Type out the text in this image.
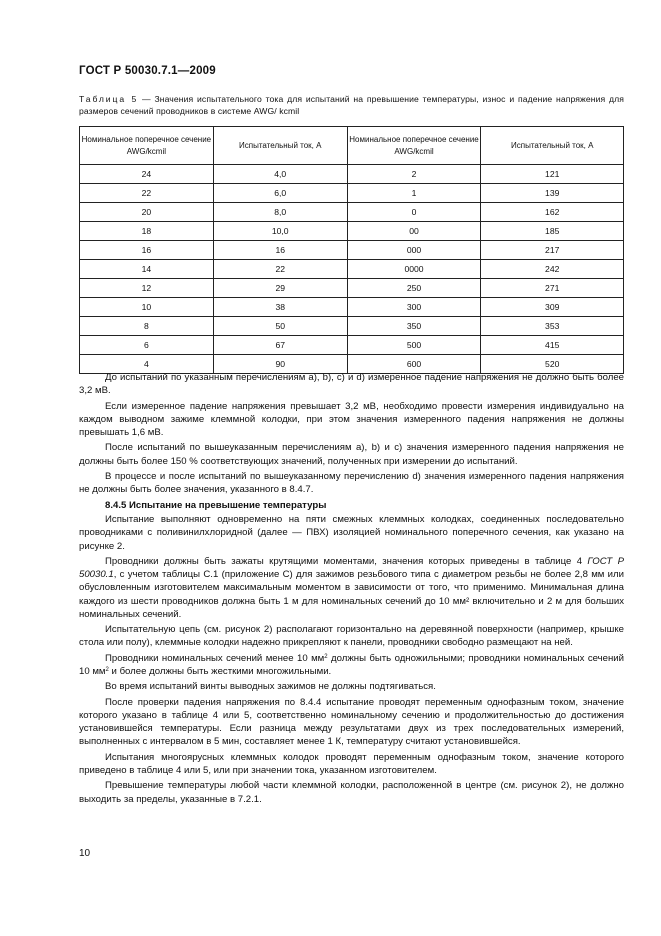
ГОСТ Р 50030.7.1—2009
Таблица 5 — Значения испытательного тока для испытаний на превышение температуры, износ и падение напряжения для размеров сечений проводников в системе AWG/ kcmil
Номинальное поперечное сечение AWG/kcmil	Испытательный ток, А	Номинальное поперечное сечение AWG/kcmil	Испытательный ток, А
24	4,0	2	121
22	6,0	1	139
20	8,0	0	162
18	10,0	00	185
16	16	000	217
14	22	0000	242
12	29	250	271
10	38	300	309
8	50	350	353
6	67	500	415
4	90	600	520

До испытаний по указанным перечислениям a), b), c) и d) измеренное падение напряжения не должно быть более 3,2 мВ.

Если измеренное падение напряжения превышает 3,2 мВ, необходимо провести измерения индивидуально на каждом выводном зажиме клеммной колодки, при этом значения измеренного падения напряжения не должны превышать 1,6 мВ.

После испытаний по вышеуказанным перечислениям a), b) и c) значения измеренного падения напряжения не должны быть более 150 % соответствующих значений, полученных при измерении до испытаний.

В процессе и после испытаний по вышеуказанному перечислению d) значения измеренного падения напряжения не должны быть более значения, указанного в 8.4.7.

8.4.5 Испытание на превышение температуры

Испытание выполняют одновременно на пяти смежных клеммных колодках, соединенных последовательно проводниками с поливинилхлоридной (далее — ПВХ) изоляцией номинального поперечного сечения, как указано на рисунке 2.

Проводники должны быть зажаты крутящими моментами, значения которых приведены в таблице 4 ГОСТ Р 50030.1, с учетом таблицы С.1 (приложение С) для зажимов резьбового типа с диаметром резьбы не более 2,8 мм или обусловленным изготовителем максимальным моментом в зависимости от того, что применимо. Минимальная длина каждого из шести проводников должна быть 1 м для номинальных сечений до 10 мм² включительно и 2 м для больших номинальных сечений.

Испытательную цепь (см. рисунок 2) располагают горизонтально на деревянной поверхности (например, крышке стола или полу), клеммные колодки надежно прикрепляют к панели, проводники свободно размещают на ней.

Проводники номинальных сечений менее 10 $мм^2$ должны быть одножильными; проводники номинальных сечений 10 $мм^2$ и более должны быть жесткими многожильными.

Во время испытаний винты выводных зажимов не должны подтягиваться.

После проверки падения напряжения по 8.4.4 испытание проводят переменным однофазным током, значение которого указано в таблице 4 или 5, соответственно номинальному сечению и продолжительностью до достижения установившейся температуры. Если разница между результатами двух из трех последовательных измерений, выполненных с интервалом в 5 мин, составляет менее 1 К, температуру считают установившейся.

Испытания многоярусных клеммных колодок проводят переменным однофазным током, значение которого приведено в таблице 4 или 5, или при значении тока, указанном изготовителем.

Превышение температуры любой части клеммной колодки, расположенной в центре (см. рисунок 2), не должно выходить за пределы, указанные в 7.2.1.

10
